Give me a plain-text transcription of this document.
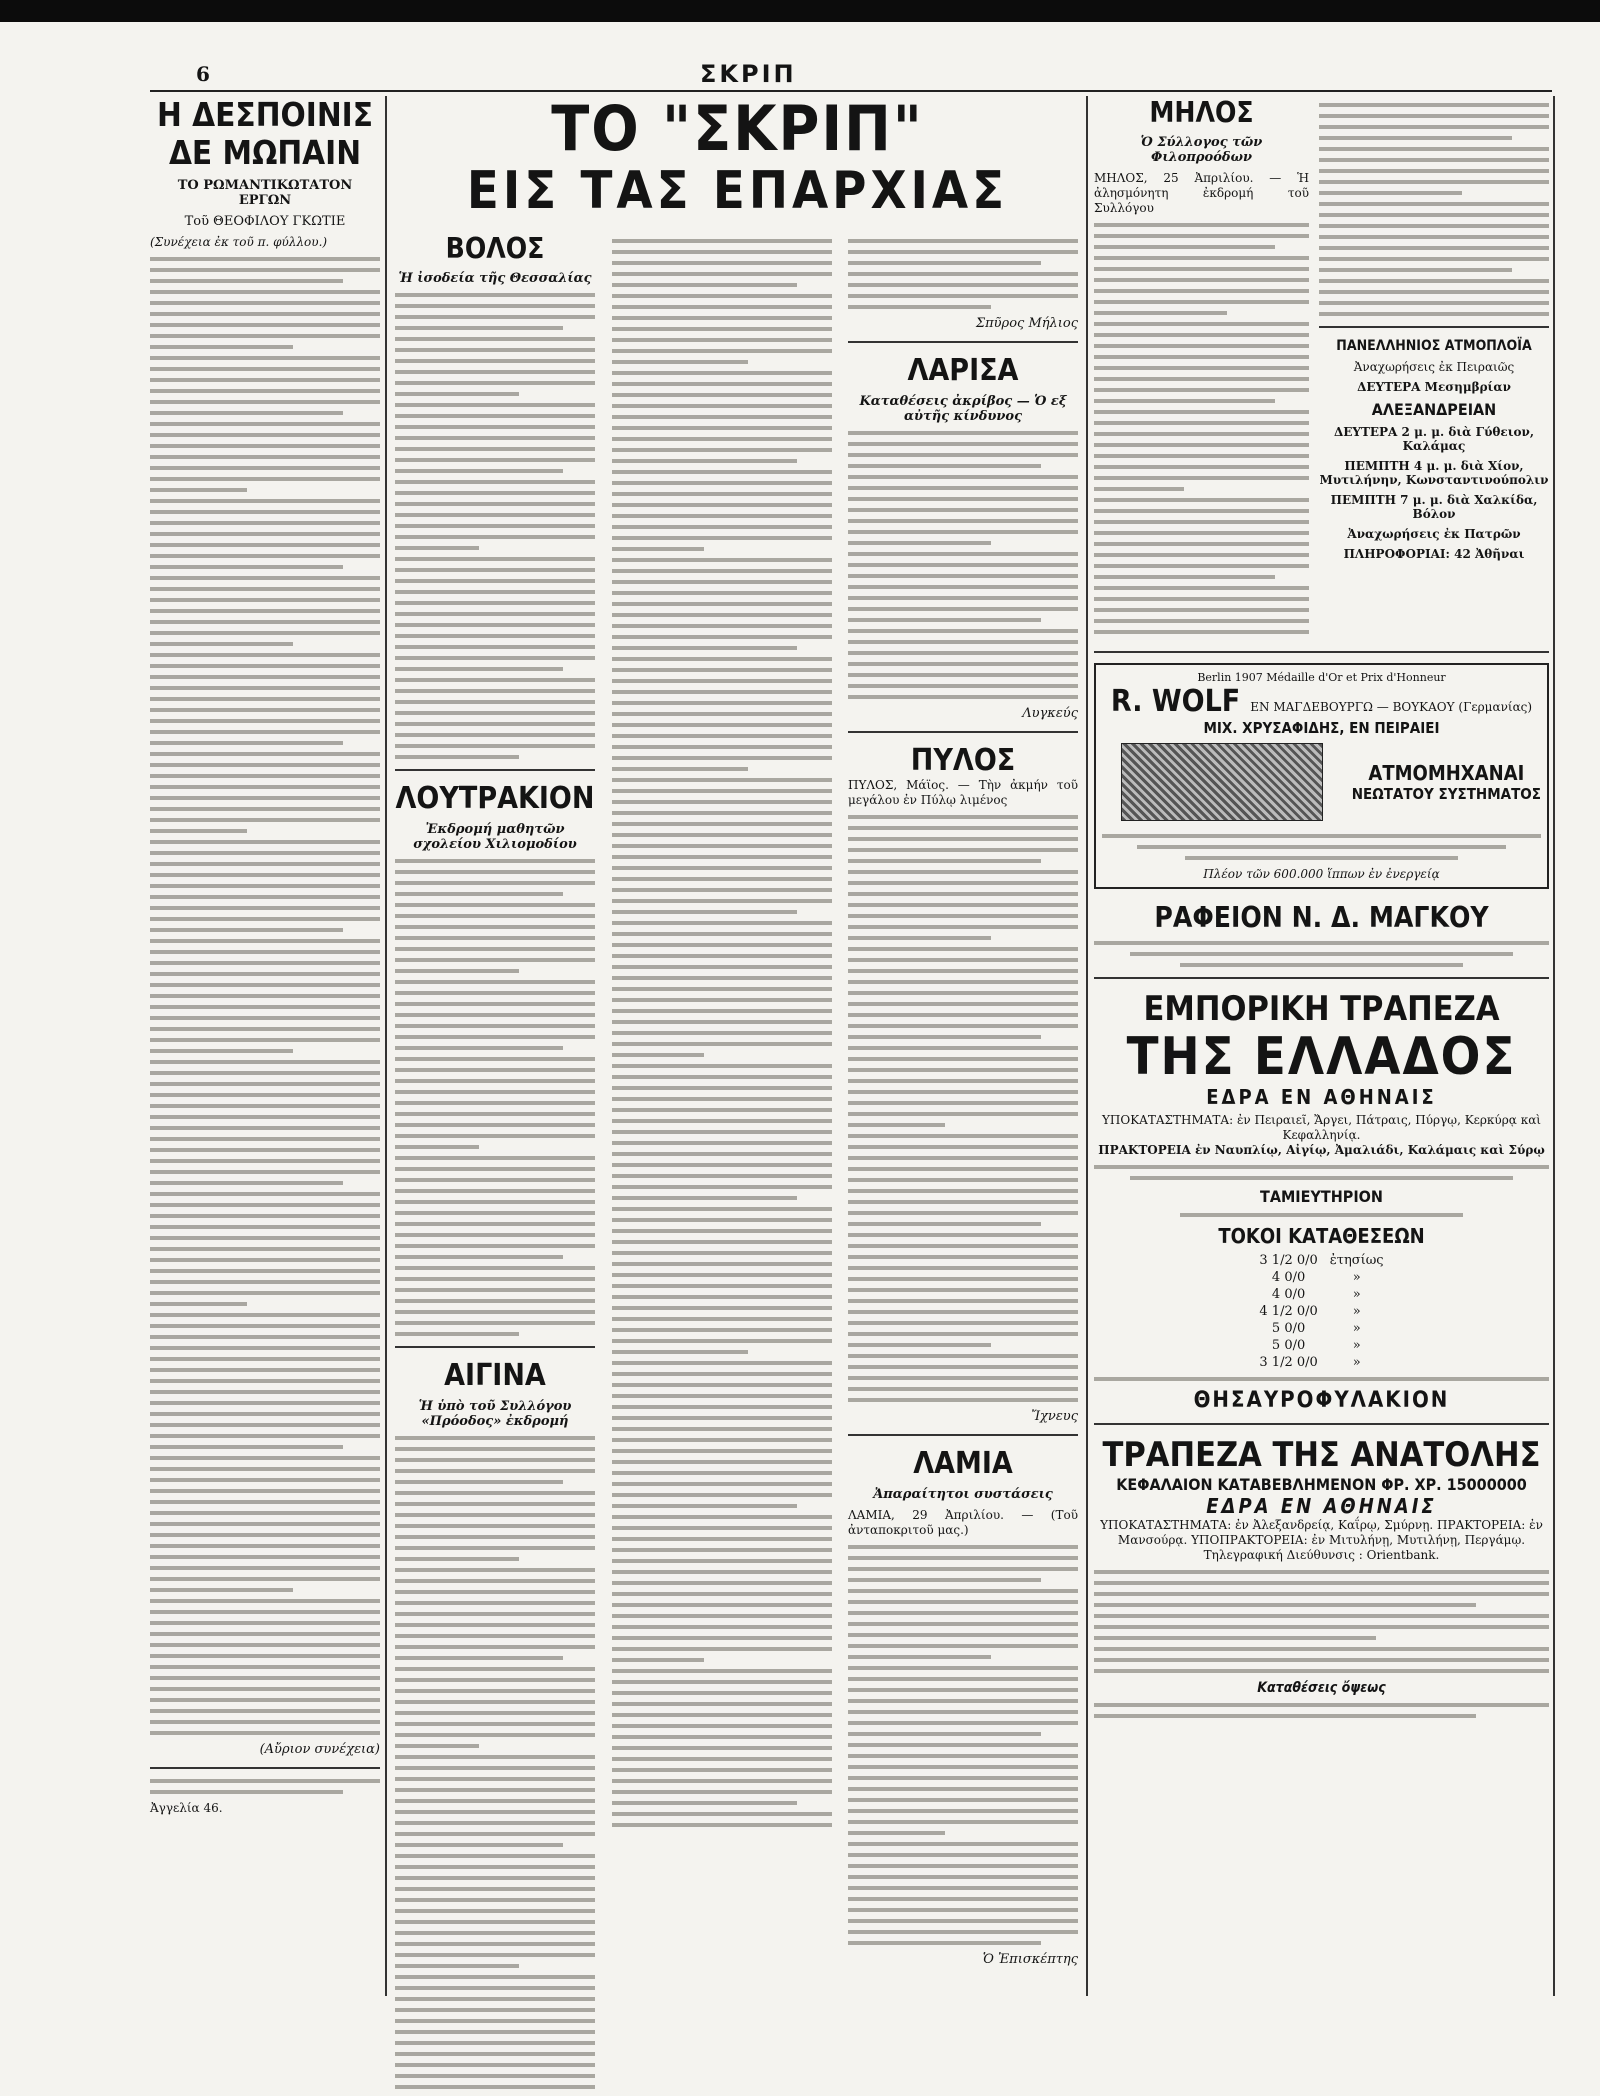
6	ΣΚΡΙΠ
Η ΔΕΣΠΟΙΝΙΣ
ΔΕ ΜΩΠΑΙΝ
ΤΟ ΡΩΜΑΝΤΙΚΩΤΑΤΟΝ ΕΡΓΩΝ
Τοῦ ΘΕΟΦΙΛΟΥ ΓΚΩΤΙΕ
(Συνέχεια ἐκ τοῦ π. φύλλου.)
(Αὔριον συνέχεια)
Ἀγγελία 46.
ΤΟ "ΣΚΡΙΠ"
ΕΙΣ ΤΑΣ ΕΠΑΡΧΙΑΣ
ΒΟΛΟΣ
Ἡ ἰσοδεία τῆς Θεσσαλίας
ΛΟΥΤΡΑΚΙΟΝ
Ἐκδρομή μαθητῶν σχολείου Χιλιομοδίου
ΑΙΓΙΝΑ
Ἡ ὑπὸ τοῦ Συλλόγου «Πρόοδος» ἐκδρομή
Σπῦρος Μήλιος
ΛΑΡΙΣΑ
Καταθέσεις ἀκρίβος — Ὁ εξ αὐτῆς κίνδυνος
Λυγκεύς
ΠΥΛΟΣ
ΠΥΛΟΣ, Μάϊος. — Τὴν ἀκμήν τοῦ μεγάλου ἐν Πύλῳ λιμένος
Ἴχνευς
ΛΑΜΙΑ
Ἀπαραίτητοι συστάσεις
ΛΑΜΙΑ, 29 Ἀπριλίου. — (Τοῦ ἀνταποκριτοῦ μας.)
Ὁ Ἐπισκέπτης
ΜΗΛΟΣ
Ὁ Σύλλογος τῶν Φιλοπροόδων
ΜΗΛΟΣ, 25 Ἀπριλίου. — Ἡ ἀλησμόνητη ἐκδρομή τοῦ Συλλόγου
ΠΑΝΕΛΛΗΝΙΟΣ ΑΤΜΟΠΛΟΪΑ
Ἀναχωρήσεις ἐκ Πειραιῶς
ΔΕΥΤΕΡΑ Μεσημβρίαν
ΑΛΕΞΑΝΔΡΕΙΑΝ
ΔΕΥΤΕΡΑ 2 μ. μ. διὰ Γύθειον, Καλάμας
ΠΕΜΠΤΗ 4 μ. μ. διὰ Χίον, Μυτιλήνην, Κωνσταντινούπολιν
ΠΕΜΠΤΗ 7 μ. μ. διὰ Χαλκίδα, Βόλον
Ἀναχωρήσεις ἐκ Πατρῶν
ΠΛΗΡΟΦΟΡΙΑΙ: 42 Ἀθῆναι
Berlin 1907 Médaille d'Or et Prix d'Honneur
R. WOLF ΕΝ ΜΑΓΔΕΒΟΥΡΓΩ — ΒΟΥΚΑΟΥ (Γερμανίας)
ΜΙΧ. ΧΡΥΣΑΦΙΔΗΣ, ΕΝ ΠΕΙΡΑΙΕΙ
ΑΤΜΟΜΗΧΑΝΑΙ
ΝΕΩΤΑΤΟΥ ΣΥΣΤΗΜΑΤΟΣ
Πλέον τῶν 600.000 ἵππων ἐν ἐνεργείᾳ
ΡΑΦΕΙΟΝ Ν. Δ. ΜΑΓΚΟΥ
ΕΜΠΟΡΙΚΗ ΤΡΑΠΕΖΑ
ΤΗΣ ΕΛΛΑΔΟΣ
ΕΔΡΑ ΕΝ ΑΘΗΝΑΙΣ
ΥΠΟΚΑΤΑΣΤΗΜΑΤΑ: ἐν Πειραιεῖ, Ἄργει, Πάτραις, Πύργῳ, Κερκύρᾳ καὶ Κεφαλληνίᾳ.
ΠΡΑΚΤΟΡΕΙΑ ἐν Ναυπλίῳ, Αἰγίῳ, Ἀμαλιάδι, Καλάμαις καὶ Σύρῳ
ΤΑΜΙΕΥΤΗΡΙΟΝ
ΤΟΚΟΙ ΚΑΤΑΘΕΣΕΩΝ
3 1/2 0/0	ἐτησίως
4 0/0	»
4 0/0	»
4 1/2 0/0	»
5 0/0	»
5 0/0	»
3 1/2 0/0	»
ΘΗΣΑΥΡΟΦΥΛΑΚΙΟΝ
ΤΡΑΠΕΖΑ ΤΗΣ ΑΝΑΤΟΛΗΣ
ΚΕΦΑΛΑΙΟΝ ΚΑΤΑΒΕΒΛΗΜΕΝΟΝ ΦΡ. ΧΡ. 15000000
ΕΔΡΑ ΕΝ ΑΘΗΝΑΙΣ
ΥΠΟΚΑΤΑΣΤΗΜΑΤΑ: ἐν Ἀλεξανδρείᾳ, Καΐρῳ, Σμύρνῃ. ΠΡΑΚΤΟΡΕΙΑ: ἐν Μανσούρᾳ. ΥΠΟΠΡΑΚΤΟΡΕΙΑ: ἐν Μιτυλήνῃ, Μυτιλήνῃ, Περγάμῳ.
Τηλεγραφική Διεύθυνσις : Orientbank.
Καταθέσεις ὄψεως
